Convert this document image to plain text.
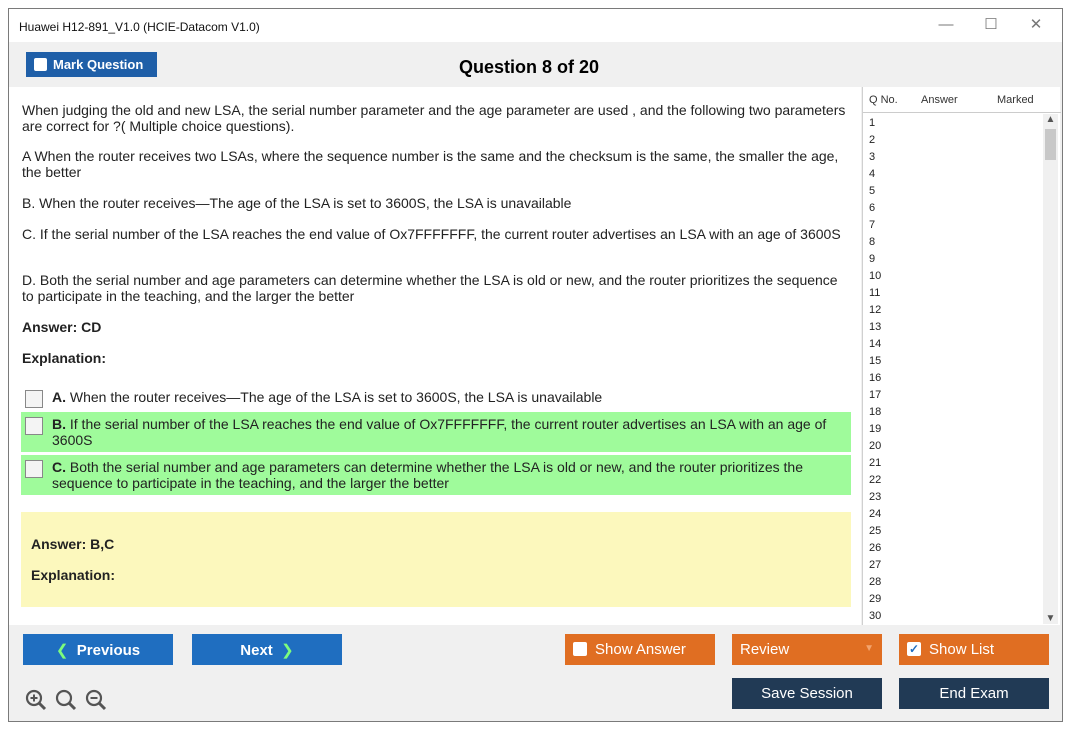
Huawei H12-891_V1.0 (HCIE-Datacom V1.0)	—	☐	✕
Mark Question	Question 8 of 20
When judging the old and new LSA, the serial number parameter and the age parameter are used , and the following two parameters are correct for ?( Multiple choice questions).
A When the router receives two LSAs, where the sequence number is the same and the checksum is the same, the smaller the age, the better
B. When the router receives—The age of the LSA is set to 3600S, the LSA is unavailable
C. If the serial number of the LSA reaches the end value of Ox7FFFFFFF, the current router advertises an LSA with an age of 3600S
D. Both the serial number and age parameters can determine whether the LSA is old or new, and the router prioritizes the sequence to participate in the teaching, and the larger the better
Answer: CD
Explanation:
A. When the router receives—The age of the LSA is set to 3600S, the LSA is unavailable
B. If the serial number of the LSA reaches the end value of Ox7FFFFFFF, the current router advertises an LSA with an age of 3600S
C. Both the serial number and age parameters can determine whether the LSA is old or new, and the router prioritizes the sequence to participate in the teaching, and the larger the better
Answer: B,C
Explanation:
Q No. Answer	Marked
1
2
3
4
5
6
7
8
9
10
11
12
13
14
15
16
17
18
19
20
21
22
23
24
25
26
27
28
29
30
▲
▼
❮ Previous	Next ❯	Show Answer	Review	▼	✓ Show List
Save Session	End Exam
